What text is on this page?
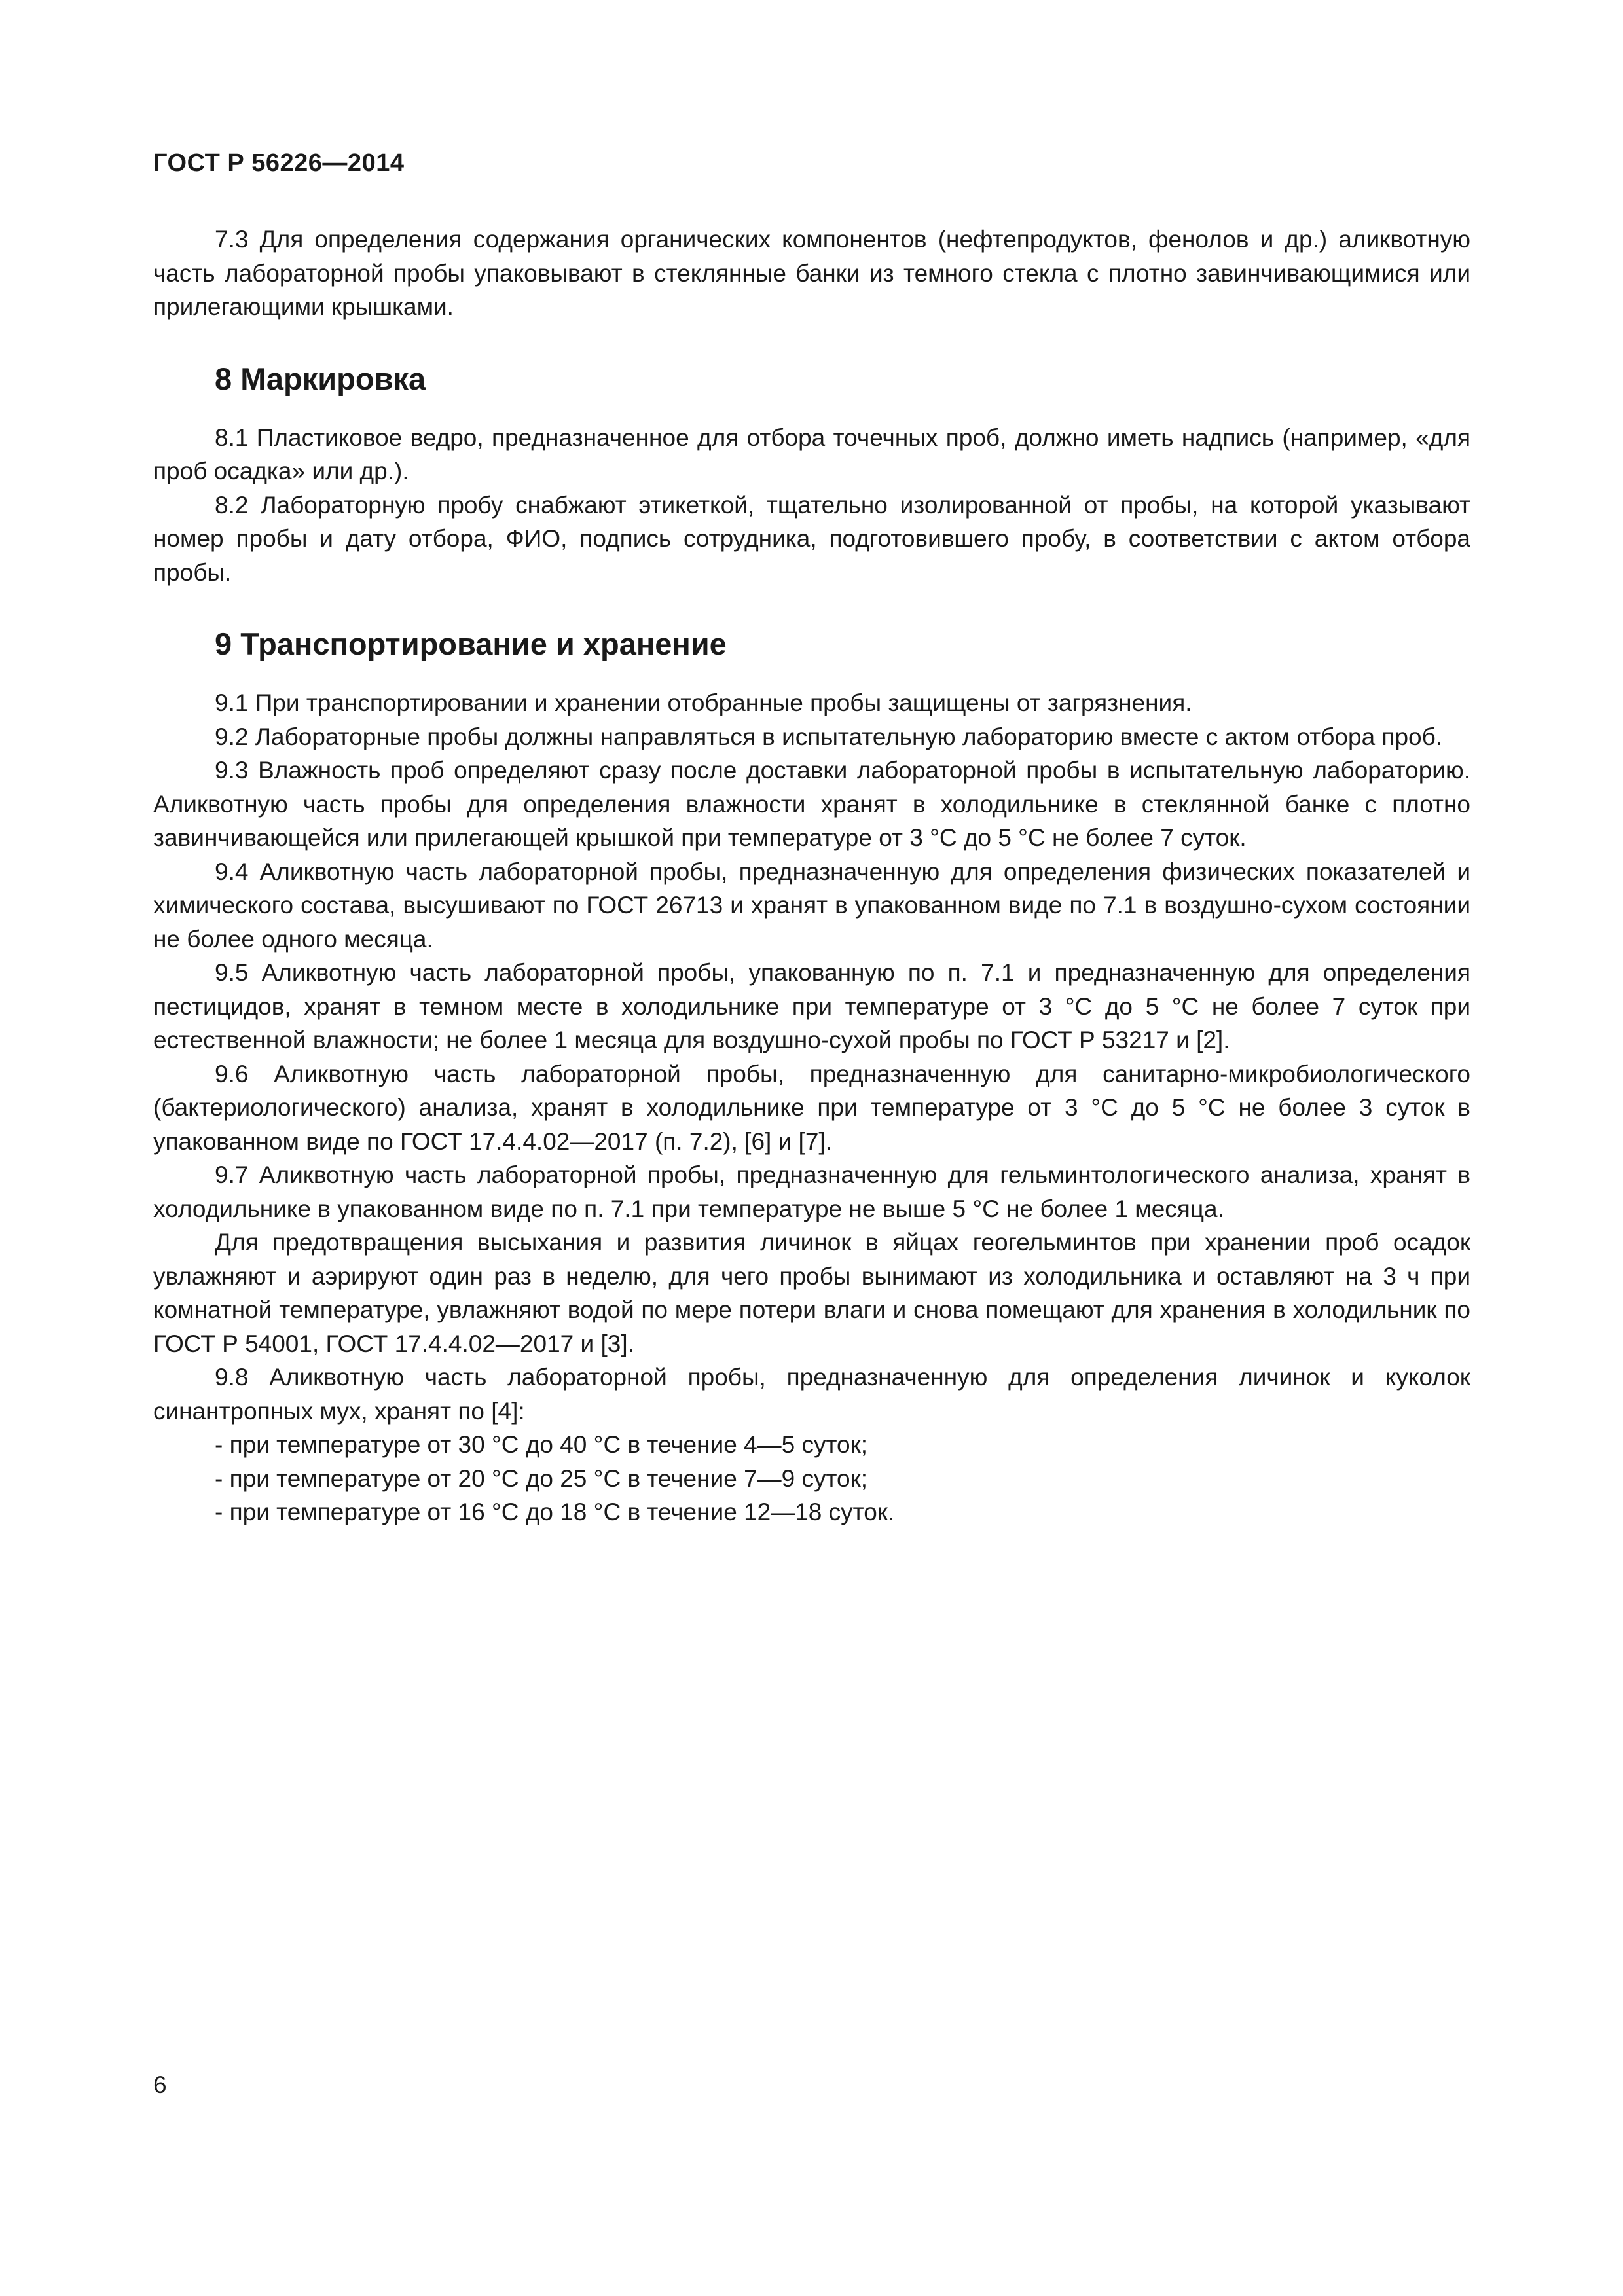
ГОСТ Р 56226—2014

7.3 Для определения содержания органических компонентов (нефтепродуктов, фенолов и др.) аликвотную часть лабораторной пробы упаковывают в стеклянные банки из темного стекла с плотно завинчивающимися или прилегающими крышками.

8 Маркировка

8.1 Пластиковое ведро, предназначенное для отбора точечных проб, должно иметь надпись (например, «для проб осадка» или др.).

8.2 Лабораторную пробу снабжают этикеткой, тщательно изолированной от пробы, на которой указывают номер пробы и дату отбора, ФИО, подпись сотрудника, подготовившего пробу, в соответствии с актом отбора пробы.

9 Транспортирование и хранение

9.1 При транспортировании и хранении отобранные пробы защищены от загрязнения.

9.2 Лабораторные пробы должны направляться в испытательную лабораторию вместе с актом отбора проб.

9.3 Влажность проб определяют сразу после доставки лабораторной пробы в испытательную лабораторию. Аликвотную часть пробы для определения влажности хранят в холодильнике в стеклянной банке с плотно завинчивающейся или прилегающей крышкой при температуре от 3 °С до 5 °С не более 7 суток.

9.4 Аликвотную часть лабораторной пробы, предназначенную для определения физических показателей и химического состава, высушивают по ГОСТ 26713 и хранят в упакованном виде по 7.1 в воздушно-сухом состоянии не более одного месяца.

9.5 Аликвотную часть лабораторной пробы, упакованную по п. 7.1 и предназначенную для определения пестицидов, хранят в темном месте в холодильнике при температуре от 3 °С до 5 °С не более 7 суток при естественной влажности; не более 1 месяца для воздушно-сухой пробы по ГОСТ Р 53217 и [2].

9.6 Аликвотную часть лабораторной пробы, предназначенную для санитарно-микробиологического (бактериологического) анализа, хранят в холодильнике при температуре от 3 °С до 5 °С не более 3 суток в упакованном виде по ГОСТ 17.4.4.02—2017 (п. 7.2), [6] и [7].

9.7 Аликвотную часть лабораторной пробы, предназначенную для гельминтологического анализа, хранят в холодильнике в упакованном виде по п. 7.1 при температуре не выше 5 °С не более 1 месяца.

Для предотвращения высыхания и развития личинок в яйцах геогельминтов при хранении проб осадок увлажняют и аэрируют один раз в неделю, для чего пробы вынимают из холодильника и оставляют на 3 ч при комнатной температуре, увлажняют водой по мере потери влаги и снова помещают для хранения в холодильник по ГОСТ Р 54001, ГОСТ 17.4.4.02—2017 и [3].

9.8 Аликвотную часть лабораторной пробы, предназначенную для определения личинок и куколок синантропных мух, хранят по [4]:

- при температуре от 30 °С до 40 °С в течение 4—5 суток;

- при температуре от 20 °С до 25 °С в течение 7—9 суток;

- при температуре от 16 °С до 18 °С в течение 12—18 суток.

6
